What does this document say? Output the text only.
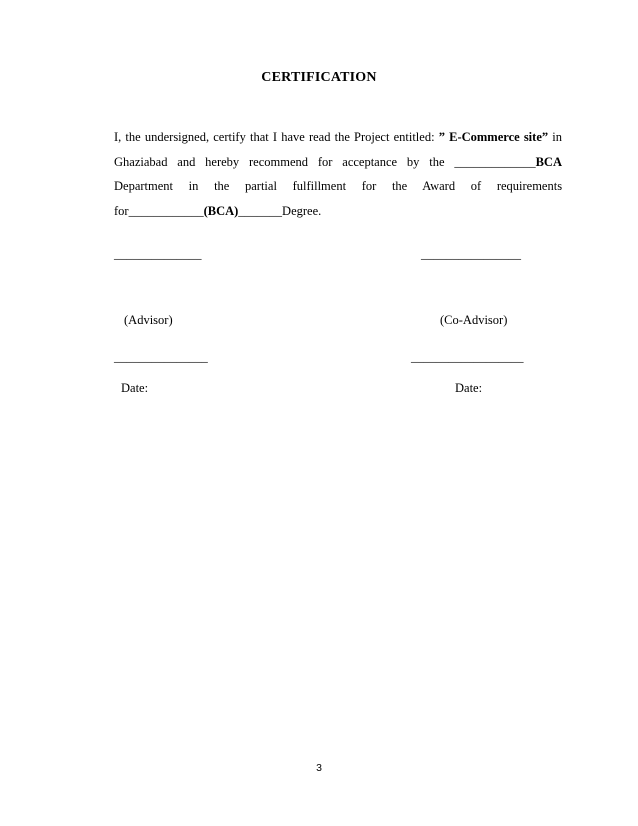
CERTIFICATION
I, the undersigned, certify that I have read the Project entitled: ” E-Commerce site” in
Ghaziabad and hereby recommend for acceptance by the _____________BCA
Department in the partial fulfillment for the Award of requirements
for____________(BCA)_______Degree.
______________	________________
(Advisor)	(Co-Advisor)
_______________	__________________
Date:	Date:
3
